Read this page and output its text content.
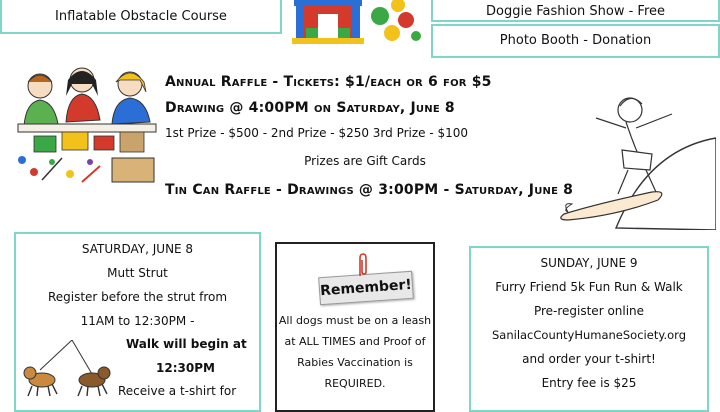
Inflatable Obstacle Course	Doggie Fashion Show - Free
Photo Booth - Donation
Annual Raffle - Tickets: $1/each or 6 for $5
Drawing @ 4:00PM on Saturday, June 8
1st Prize - $500 - 2nd Prize - $250 3rd Prize - $100
Prizes are Gift Cards
Tin Can Raffle - Drawings @ 3:00PM - Saturday, June 8
SATURDAY, JUNE 8
Mutt Strut
Register before the strut from
11AM to 12:30PM -
Walk will begin at
12:30PM
Receive a t-shirt for
Remember!
All dogs must be on a leash
at ALL TIMES and Proof of
Rabies Vaccination is
REQUIRED.
SUNDAY, JUNE 9
Furry Friend 5k Fun Run & Walk
Pre-register online
SanilacCountyHumaneSociety.org
and order your t-shirt!
Entry fee is $25
